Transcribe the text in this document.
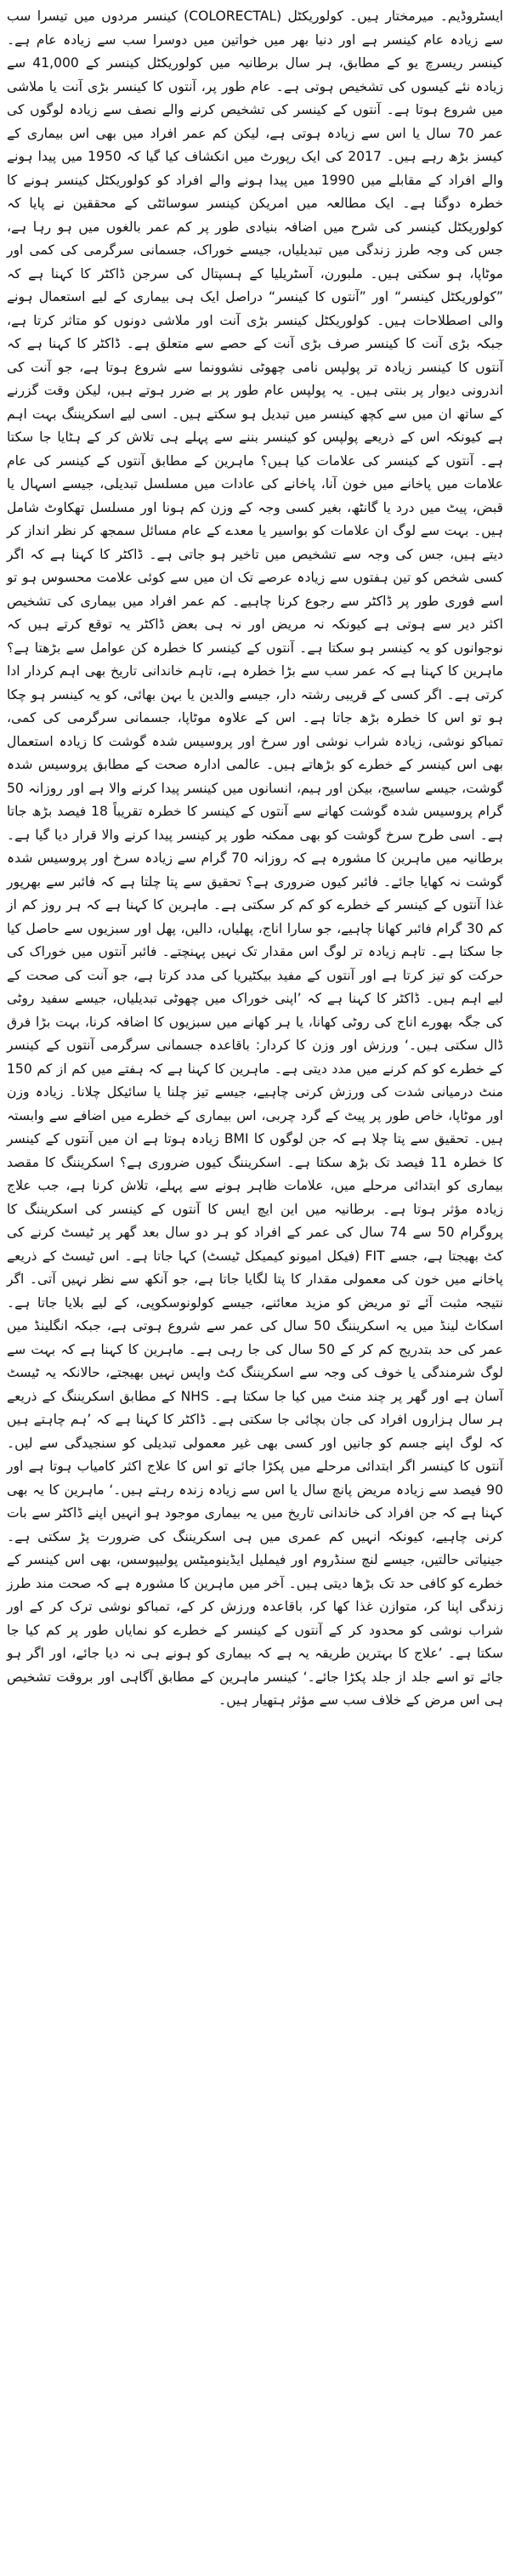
ایسٹروڈیم۔ میرمختار ہیں۔ کولوریکٹل (COLORECTAL) کینسر مردوں میں تیسرا سب سے زیادہ عام کینسر ہے اور دنیا بھر میں خواتین میں دوسرا سب سے زیادہ عام ہے۔ کینسر ریسرچ یو کے مطابق، ہر سال برطانیہ میں کولوریکٹل کینسر کے 41,000 سے زیادہ نئے کیسوں کی تشخیص ہوتی ہے۔ عام طور پر، آنتوں کا کینسر بڑی آنت یا ملاشی میں شروع ہوتا ہے۔ آنتوں کے کینسر کی تشخیص کرنے والے نصف سے زیادہ لوگوں کی عمر 70 سال یا اس سے زیادہ ہوتی ہے، لیکن کم عمر افراد میں بھی اس بیماری کے کیسز بڑھ رہے ہیں۔ 2017 کی ایک رپورٹ میں انکشاف کیا گیا کہ 1950 میں پیدا ہونے والے افراد کے مقابلے میں 1990 میں پیدا ہونے والے افراد کو کولوریکٹل کینسر ہونے کا خطرہ دوگنا ہے۔ ایک مطالعہ میں امریکن کینسر سوسائٹی کے محققین نے پایا کہ کولوریکٹل کینسر کی شرح میں اضافہ بنیادی طور پر کم عمر بالغوں میں ہو رہا ہے، جس کی وجہ طرز زندگی میں تبدیلیاں، جیسے خوراک، جسمانی سرگرمی کی کمی اور موٹاپا، ہو سکتی ہیں۔ ملبورن، آسٹریلیا کے ہسپتال کی سرجن ڈاکٹر کا کہنا ہے کہ ”کولوریکٹل کینسر“ اور ”آنتوں کا کینسر“ دراصل ایک ہی بیماری کے لیے استعمال ہونے والی اصطلاحات ہیں۔ کولوریکٹل کینسر بڑی آنت اور ملاشی دونوں کو متاثر کرتا ہے، جبکہ بڑی آنت کا کینسر صرف بڑی آنت کے حصے سے متعلق ہے۔ ڈاکٹر کا کہنا ہے کہ آنتوں کا کینسر زیادہ تر پولپس نامی چھوٹی نشوونما سے شروع ہوتا ہے، جو آنت کی اندرونی دیوار پر بنتی ہیں۔ یہ پولپس عام طور پر بے ضرر ہوتے ہیں، لیکن وقت گزرنے کے ساتھ ان میں سے کچھ کینسر میں تبدیل ہو سکتے ہیں۔ اسی لیے اسکریننگ بہت اہم ہے کیونکہ اس کے ذریعے پولپس کو کینسر بننے سے پہلے ہی تلاش کر کے ہٹایا جا سکتا ہے۔ آنتوں کے کینسر کی علامات کیا ہیں؟ ماہرین کے مطابق آنتوں کے کینسر کی عام علامات میں پاخانے میں خون آنا، پاخانے کی عادات میں مسلسل تبدیلی، جیسے اسہال یا قبض، پیٹ میں درد یا گانٹھ، بغیر کسی وجہ کے وزن کم ہونا اور مسلسل تھکاوٹ شامل ہیں۔ بہت سے لوگ ان علامات کو بواسیر یا معدے کے عام مسائل سمجھ کر نظر انداز کر دیتے ہیں، جس کی وجہ سے تشخیص میں تاخیر ہو جاتی ہے۔ ڈاکٹر کا کہنا ہے کہ اگر کسی شخص کو تین ہفتوں سے زیادہ عرصے تک ان میں سے کوئی علامت محسوس ہو تو اسے فوری طور پر ڈاکٹر سے رجوع کرنا چاہیے۔ کم عمر افراد میں بیماری کی تشخیص اکثر دیر سے ہوتی ہے کیونکہ نہ مریض اور نہ ہی بعض ڈاکٹر یہ توقع کرتے ہیں کہ نوجوانوں کو یہ کینسر ہو سکتا ہے۔ آنتوں کے کینسر کا خطرہ کن عوامل سے بڑھتا ہے؟ ماہرین کا کہنا ہے کہ عمر سب سے بڑا خطرہ ہے، تاہم خاندانی تاریخ بھی اہم کردار ادا کرتی ہے۔ اگر کسی کے قریبی رشتہ دار، جیسے والدین یا بہن بھائی، کو یہ کینسر ہو چکا ہو تو اس کا خطرہ بڑھ جاتا ہے۔ اس کے علاوہ موٹاپا، جسمانی سرگرمی کی کمی، تمباکو نوشی، زیادہ شراب نوشی اور سرخ اور پروسیس شدہ گوشت کا زیادہ استعمال بھی اس کینسر کے خطرے کو بڑھاتے ہیں۔ عالمی ادارہ صحت کے مطابق پروسیس شدہ گوشت، جیسے ساسیج، بیکن اور ہیم، انسانوں میں کینسر پیدا کرنے والا ہے اور روزانہ 50 گرام پروسیس شدہ گوشت کھانے سے آنتوں کے کینسر کا خطرہ تقریباً 18 فیصد بڑھ جاتا ہے۔ اسی طرح سرخ گوشت کو بھی ممکنہ طور پر کینسر پیدا کرنے والا قرار دیا گیا ہے۔ برطانیہ میں ماہرین کا مشورہ ہے کہ روزانہ 70 گرام سے زیادہ سرخ اور پروسیس شدہ گوشت نہ کھایا جائے۔ فائبر کیوں ضروری ہے؟ تحقیق سے پتا چلتا ہے کہ فائبر سے بھرپور غذا آنتوں کے کینسر کے خطرے کو کم کر سکتی ہے۔ ماہرین کا کہنا ہے کہ ہر روز کم از کم 30 گرام فائبر کھانا چاہیے، جو سارا اناج، پھلیاں، دالیں، پھل اور سبزیوں سے حاصل کیا جا سکتا ہے۔ تاہم زیادہ تر لوگ اس مقدار تک نہیں پہنچتے۔ فائبر آنتوں میں خوراک کی حرکت کو تیز کرتا ہے اور آنتوں کے مفید بیکٹیریا کی مدد کرتا ہے، جو آنت کی صحت کے لیے اہم ہیں۔ ڈاکٹر کا کہنا ہے کہ ’اپنی خوراک میں چھوٹی تبدیلیاں، جیسے سفید روٹی کی جگہ بھورے اناج کی روٹی کھانا، یا ہر کھانے میں سبزیوں کا اضافہ کرنا، بہت بڑا فرق ڈال سکتی ہیں۔‘ ورزش اور وزن کا کردار: باقاعدہ جسمانی سرگرمی آنتوں کے کینسر کے خطرے کو کم کرنے میں مدد دیتی ہے۔ ماہرین کا کہنا ہے کہ ہفتے میں کم از کم 150 منٹ درمیانی شدت کی ورزش کرنی چاہیے، جیسے تیز چلنا یا سائیکل چلانا۔ زیادہ وزن اور موٹاپا، خاص طور پر پیٹ کے گرد چربی، اس بیماری کے خطرے میں اضافے سے وابستہ ہیں۔ تحقیق سے پتا چلا ہے کہ جن لوگوں کا BMI زیادہ ہوتا ہے ان میں آنتوں کے کینسر کا خطرہ 11 فیصد تک بڑھ سکتا ہے۔ اسکریننگ کیوں ضروری ہے؟ اسکریننگ کا مقصد بیماری کو ابتدائی مرحلے میں، علامات ظاہر ہونے سے پہلے، تلاش کرنا ہے، جب علاج زیادہ مؤثر ہوتا ہے۔ برطانیہ میں این ایچ ایس کا آنتوں کے کینسر کی اسکریننگ کا پروگرام 50 سے 74 سال کی عمر کے افراد کو ہر دو سال بعد گھر پر ٹیسٹ کرنے کی کٹ بھیجتا ہے، جسے FIT (فیکل امیونو کیمیکل ٹیسٹ) کہا جاتا ہے۔ اس ٹیسٹ کے ذریعے پاخانے میں خون کی معمولی مقدار کا پتا لگایا جاتا ہے، جو آنکھ سے نظر نہیں آتی۔ اگر نتیجہ مثبت آئے تو مریض کو مزید معائنے، جیسے کولونوسکوپی، کے لیے بلایا جاتا ہے۔ اسکاٹ لینڈ میں یہ اسکریننگ 50 سال کی عمر سے شروع ہوتی ہے، جبکہ انگلینڈ میں عمر کی حد بتدریج کم کر کے 50 سال کی جا رہی ہے۔ ماہرین کا کہنا ہے کہ بہت سے لوگ شرمندگی یا خوف کی وجہ سے اسکریننگ کٹ واپس نہیں بھیجتے، حالانکہ یہ ٹیسٹ آسان ہے اور گھر پر چند منٹ میں کیا جا سکتا ہے۔ NHS کے مطابق اسکریننگ کے ذریعے ہر سال ہزاروں افراد کی جان بچائی جا سکتی ہے۔ ڈاکٹر کا کہنا ہے کہ ’ہم چاہتے ہیں کہ لوگ اپنے جسم کو جانیں اور کسی بھی غیر معمولی تبدیلی کو سنجیدگی سے لیں۔ آنتوں کا کینسر اگر ابتدائی مرحلے میں پکڑا جائے تو اس کا علاج اکثر کامیاب ہوتا ہے اور 90 فیصد سے زیادہ مریض پانچ سال یا اس سے زیادہ زندہ رہتے ہیں۔‘ ماہرین کا یہ بھی کہنا ہے کہ جن افراد کی خاندانی تاریخ میں یہ بیماری موجود ہو انہیں اپنے ڈاکٹر سے بات کرنی چاہیے، کیونکہ انہیں کم عمری میں ہی اسکریننگ کی ضرورت پڑ سکتی ہے۔ جینیاتی حالتیں، جیسے لنچ سنڈروم اور فیملیل ایڈینومیٹس پولیپوسس، بھی اس کینسر کے خطرے کو کافی حد تک بڑھا دیتی ہیں۔ آخر میں ماہرین کا مشورہ ہے کہ صحت مند طرز زندگی اپنا کر، متوازن غذا کھا کر، باقاعدہ ورزش کر کے، تمباکو نوشی ترک کر کے اور شراب نوشی کو محدود کر کے آنتوں کے کینسر کے خطرے کو نمایاں طور پر کم کیا جا سکتا ہے۔ ’علاج کا بہترین طریقہ یہ ہے کہ بیماری کو ہونے ہی نہ دیا جائے، اور اگر ہو جائے تو اسے جلد از جلد پکڑا جائے۔‘ کینسر ماہرین کے مطابق آگاہی اور بروقت تشخیص ہی اس مرض کے خلاف سب سے مؤثر ہتھیار ہیں۔
